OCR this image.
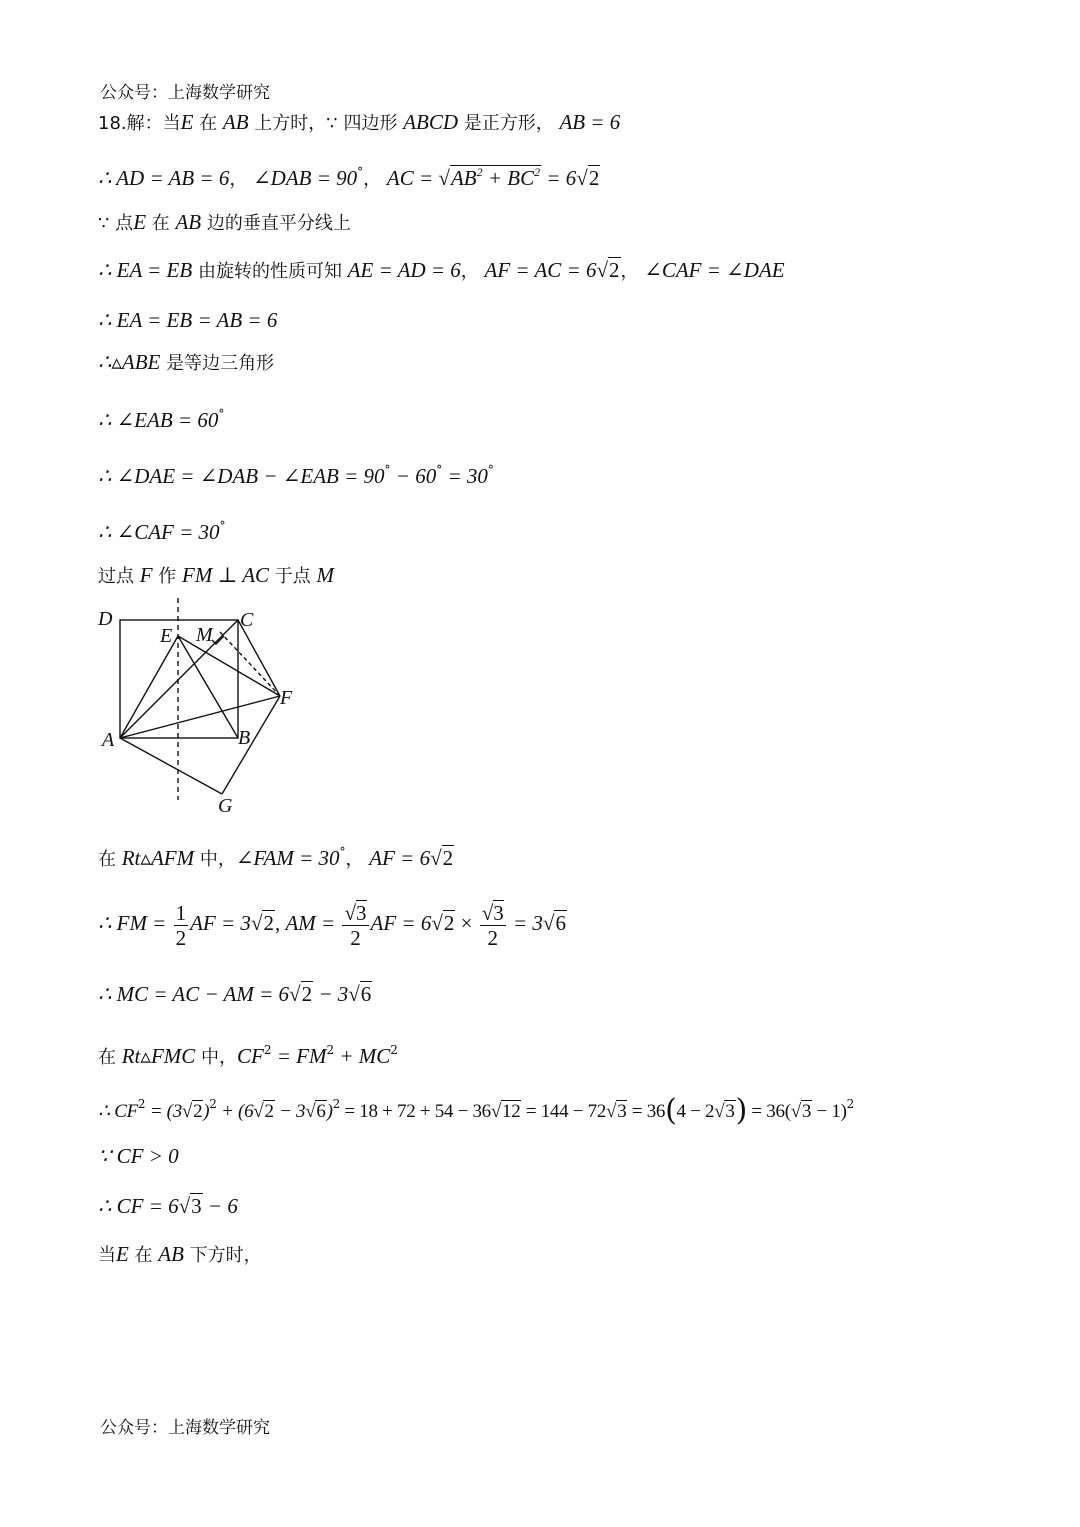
公众号：上海数学研究
18.解：当E 在 AB 上方时，∵ 四边形 ABCD 是正方形， AB = 6
∴ AD = AB = 6， ∠DAB = 90°， AC = $√AB^2 + BC^2 = 6√2$
∵ 点E 在 AB 边的垂直平分线上
∴ EA = EB 由旋转的性质可知 AE = AD = 6， AF = AC = 6√2， ∠CAF = ∠DAE
∴ EA = EB = AB = 6
∴▵ABE 是等边三角形
∴ ∠EAB = 60°
∴ ∠DAE = ∠DAB − ∠EAB = 90° − 60° = 30°
∴ ∠CAF = 30°
过点 F 作 FM ⊥ AC 于点 M
D	C
E M
F
A	B
G
在 Rt▵AFM 中，∠FAM = 30°， AF = 6√2
∴ FM = $\frac{1}{2}$ AF = 3√2, AM = $\frac{√3}{2}$ AF = $6√2 \times \frac{√3}{2} = 3√6$
∴ MC = AC − AM = 6√2 − 3√6
在 Rt▵FMC 中，$CF^2 = FM^2 + MC^2$
∴ $CF^2 = (3√2)^2 + (6√2 - 3√6)^2 = 18 + 72 + 54 - 36√12 = 144 - 72√3 = 36(4 - 2√3) = 36(√3 - 1)^2$
∵ CF > 0
∴ CF = 6√3 − 6
当E 在 AB 下方时，
公众号：上海数学研究
